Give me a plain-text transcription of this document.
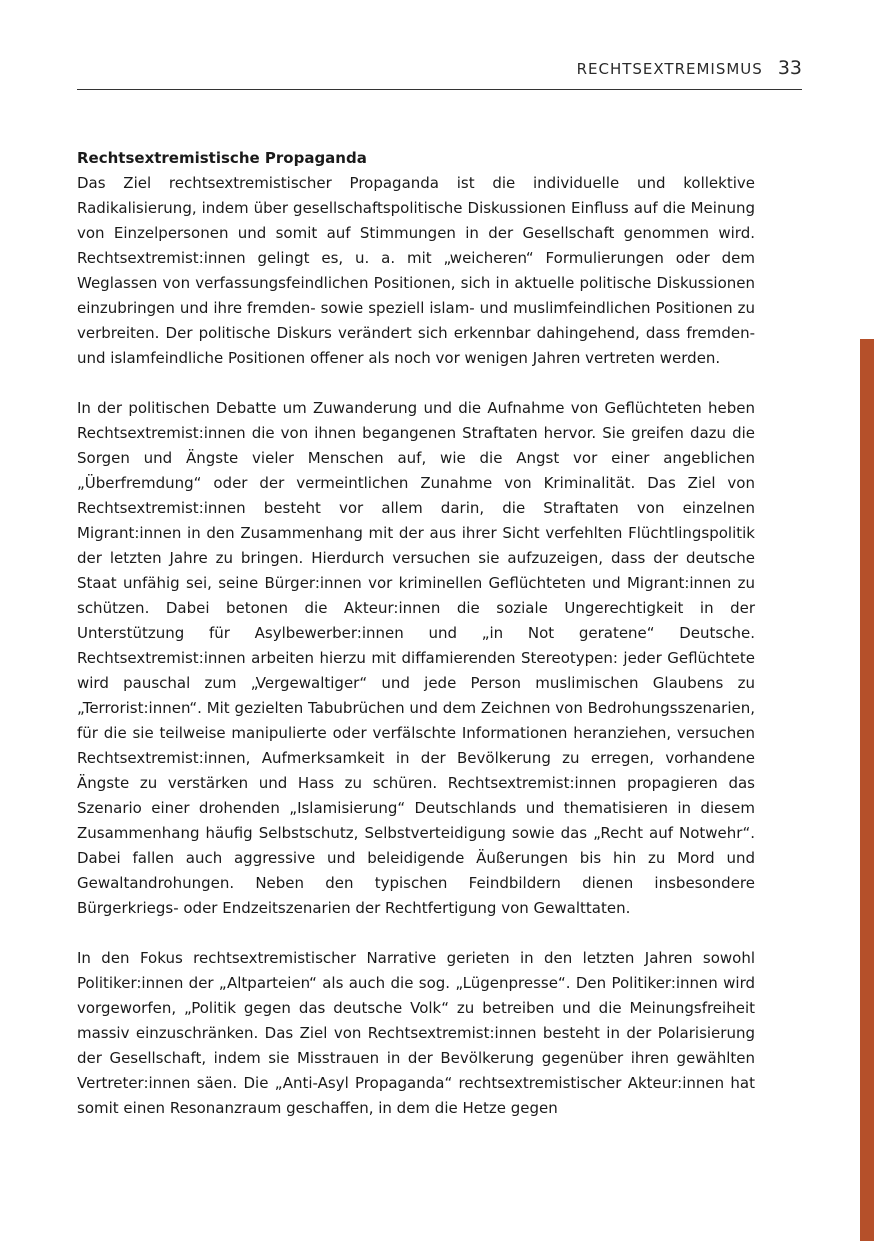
RECHTSEXTREMISMUS 33
Rechtsextremistische Propaganda

Das Ziel rechtsextremistischer Propaganda ist die individuelle und kollektive Radikalisierung, indem über gesellschaftspolitische Diskussionen Einfluss auf die Meinung von Einzelpersonen und somit auf Stimmungen in der Gesellschaft genommen wird. Rechtsextremist:innen gelingt es, u. a. mit „weicheren“ Formulierungen oder dem Weglassen von verfassungsfeindlichen Positionen, sich in aktuelle politische Diskussionen einzubringen und ihre fremden- sowie speziell islam- und muslimfeindlichen Positionen zu verbreiten. Der politische Diskurs verändert sich erkennbar dahingehend, dass fremden- und islamfeindliche Positionen offener als noch vor wenigen Jahren vertreten werden.

In der politischen Debatte um Zuwanderung und die Aufnahme von Geflüchteten heben Rechtsextremist:innen die von ihnen begangenen Straftaten hervor. Sie greifen dazu die Sorgen und Ängste vieler Menschen auf, wie die Angst vor einer angeblichen „Überfremdung“ oder der vermeintlichen Zunahme von Kriminalität. Das Ziel von Rechtsextremist:innen besteht vor allem darin, die Straftaten von einzelnen Migrant:innen in den Zusammenhang mit der aus ihrer Sicht verfehlten Flüchtlingspolitik der letzten Jahre zu bringen. Hierdurch versuchen sie aufzuzeigen, dass der deutsche Staat unfähig sei, seine Bürger:innen vor kriminellen Geflüchteten und Migrant:innen zu schützen. Dabei betonen die Akteur:innen die soziale Ungerechtigkeit in der Unterstützung für Asylbewerber:innen und „in Not geratene“ Deutsche. Rechtsextremist:innen arbeiten hierzu mit diffamierenden Stereotypen: jeder Geflüchtete wird pauschal zum „Vergewaltiger“ und jede Person muslimischen Glaubens zu „Terrorist:innen“. Mit gezielten Tabubrüchen und dem Zeichnen von Bedrohungsszenarien, für die sie teilweise manipulierte oder verfälschte Informationen heranziehen, versuchen Rechtsextremist:innen, Aufmerksamkeit in der Bevölkerung zu erregen, vorhandene Ängste zu verstärken und Hass zu schüren. Rechtsextremist:innen propagieren das Szenario einer drohenden „Islamisierung“ Deutschlands und thematisieren in diesem Zusammenhang häufig Selbstschutz, Selbstverteidigung sowie das „Recht auf Notwehr“. Dabei fallen auch aggressive und beleidigende Äußerungen bis hin zu Mord und Gewaltandrohungen. Neben den typischen Feindbildern dienen insbesondere Bürgerkriegs- oder Endzeitszenarien der Rechtfertigung von Gewalttaten.

In den Fokus rechtsextremistischer Narrative gerieten in den letzten Jahren sowohl Politiker:innen der „Altparteien“ als auch die sog. „Lügenpresse“. Den Politiker:innen wird vorgeworfen, „Politik gegen das deutsche Volk“ zu betreiben und die Meinungsfreiheit massiv einzuschränken. Das Ziel von Rechtsextremist:innen besteht in der Polarisierung der Gesellschaft, indem sie Misstrauen in der Bevölkerung gegenüber ihren gewählten Vertreter:innen säen. Die „Anti-Asyl Propaganda“ rechtsextremistischer Akteur:innen hat somit einen Resonanzraum geschaffen, in dem die Hetze gegen
